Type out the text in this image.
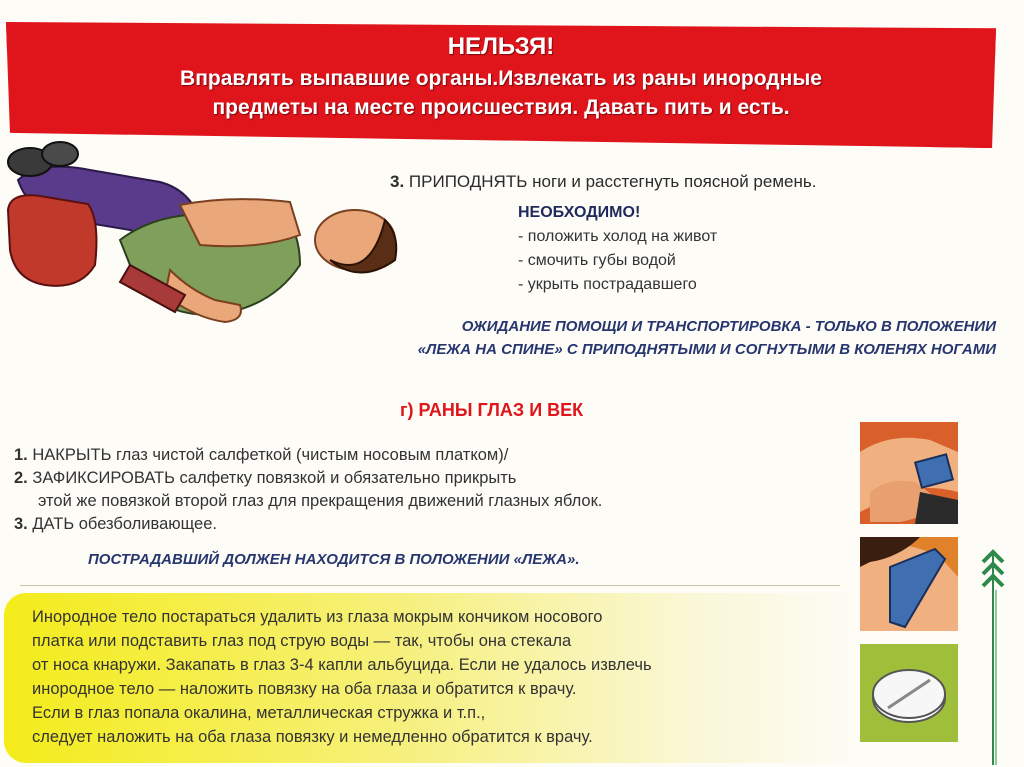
НЕЛЬЗЯ!
Вправлять выпавшие органы.Извлекать из раны инородные
предметы на месте происшествия. Давать пить и есть.
3. ПРИПОДНЯТЬ ноги и расстегнуть поясной ремень.
НЕОБХОДИМО!
- положить холод на живот
- смочить губы водой
- укрыть пострадавшего
ОЖИДАНИЕ ПОМОЩИ И ТРАНСПОРТИРОВКА - ТОЛЬКО В ПОЛОЖЕНИИ
«ЛЕЖА НА СПИНЕ» С ПРИПОДНЯТЫМИ И СОГНУТЫМИ В КОЛЕНЯХ НОГАМИ
г) РАНЫ ГЛАЗ И ВЕК
1. НАКРЫТЬ глаз чистой салфеткой (чистым носовым платком)/
2. ЗАФИКСИРОВАТЬ салфетку повязкой и обязательно прикрыть
этой же повязкой второй глаз для прекращения движений глазных яблок.
3. ДАТЬ обезболивающее.
ПОСТРАДАВШИЙ ДОЛЖЕН НАХОДИТСЯ В ПОЛОЖЕНИИ «ЛЕЖА».
Инородное тело постараться удалить из глаза мокрым кончиком носового
платка или подставить глаз под струю воды — так, чтобы она стекала
от носа кнаружи. Закапать в глаз 3-4 капли альбуцида. Если не удалось извлечь
инородное тело — наложить повязку на оба глаза и обратится к врачу.
Если в глаз попала окалина, металлическая стружка и т.п.,
следует наложить на оба глаза повязку и немедленно обратится к врачу.
